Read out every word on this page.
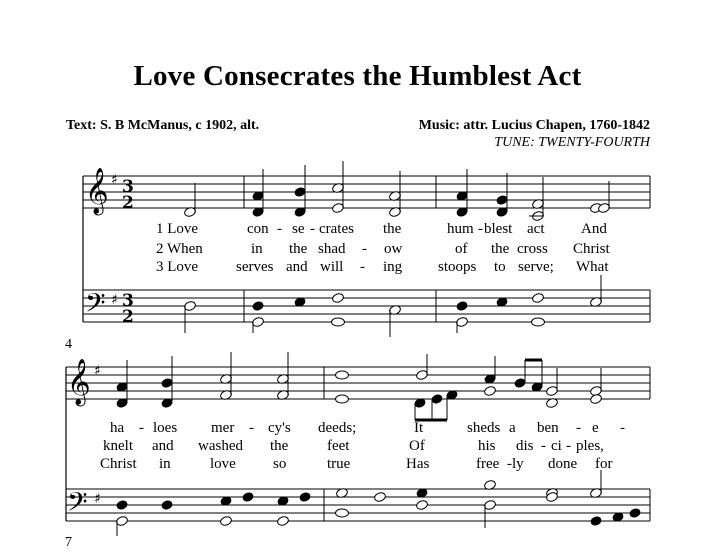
Love Consecrates the Humblest Act
Text: S. B McManus, c 1902, alt.	Music: attr. Lucius Chapen, 1760-1842
TUNE: TWENTY-FOURTH
4
7
𝄞
𝄢
𝄞
𝄢
♯
♯
♯
♯
3
2
3
2
1 Love	con - se - crates the	hum - blest act And
2 When	in the shad - ow	of the cross Christ
3 Love	serves and will - ing stoops to serve; What
ha - loes mer - cy's deeds;	It	sheds a ben - e -
knelt and washed the	feet	Of	his dis - ci - ples,
Christ in	love so	true	Has	free - ly done for
